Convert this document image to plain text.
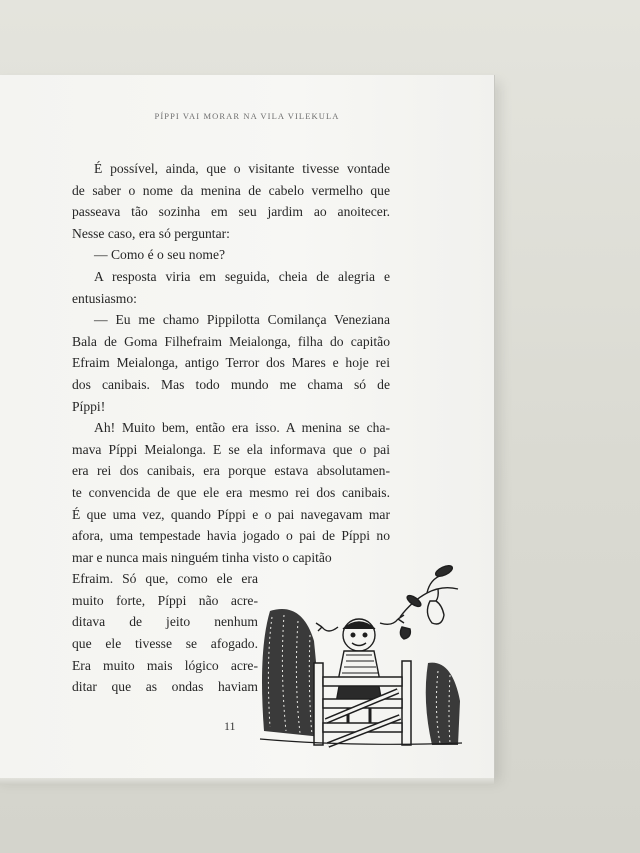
PÍPPI VAI MORAR NA VILA VILEKULA
É possível, ainda, que o visitante tivesse vontade
de saber o nome da menina de cabelo vermelho que
passeava tão sozinha em seu jardim ao anoitecer.
Nesse caso, era só perguntar:
— Como é o seu nome?
A resposta viria em seguida, cheia de alegria e
entusiasmo:
— Eu me chamo Pippilotta Comilança Veneziana
Bala de Goma Filhefraim Meialonga, filha do capitão
Efraim Meialonga, antigo Terror dos Mares e hoje rei
dos canibais. Mas todo mundo me chama só de
Píppi!
Ah! Muito bem, então era isso. A menina se cha-
mava Píppi Meialonga. E se ela informava que o pai
era rei dos canibais, era porque estava absolutamen-
te convencida de que ele era mesmo rei dos canibais.
É que uma vez, quando Píppi e o pai navegavam mar
afora, uma tempestade havia jogado o pai de Píppi no
mar e nunca mais ninguém tinha visto o capitão
Efraim. Só que, como ele era
muito forte, Píppi não acre-
ditava de jeito nenhum
que ele tivesse se afogado.
Era muito mais lógico acre-
ditar que as ondas haviam
11
